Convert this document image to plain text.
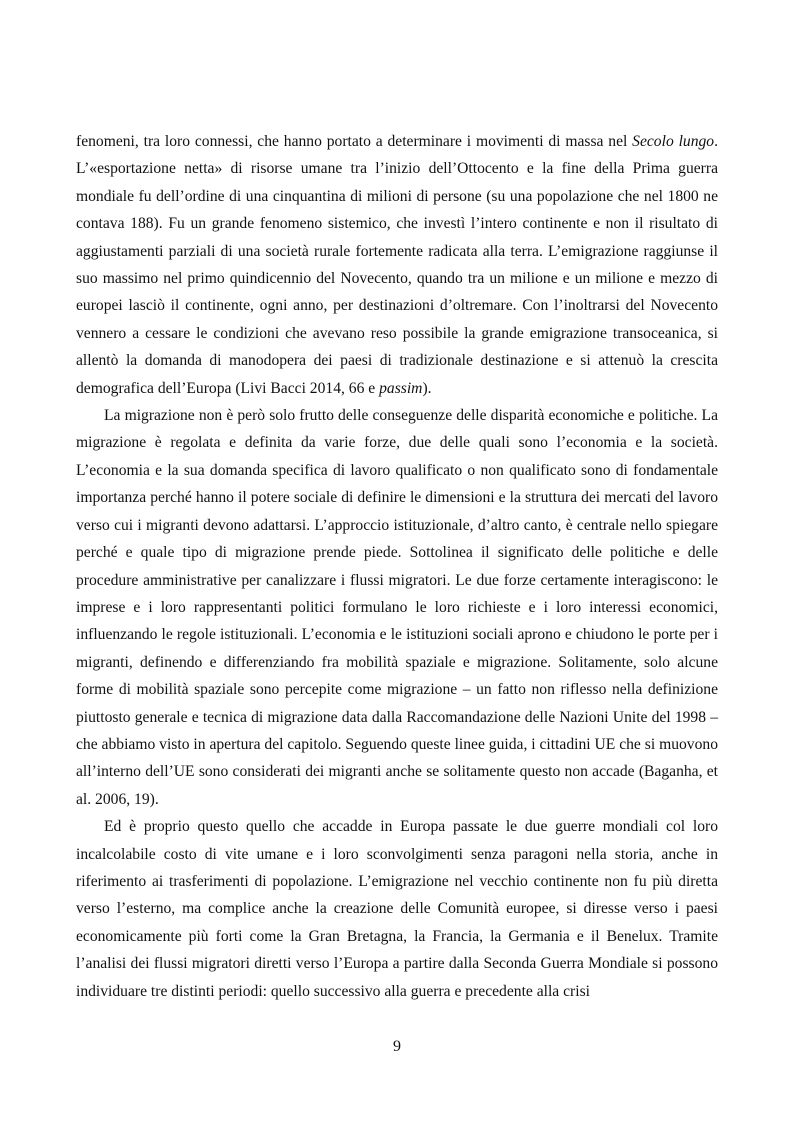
fenomeni, tra loro connessi, che hanno portato a determinare i movimenti di massa nel Secolo lungo. L’«esportazione netta» di risorse umane tra l’inizio dell’Ottocento e la fine della Prima guerra mondiale fu dell’ordine di una cinquantina di milioni di persone (su una popolazione che nel 1800 ne contava 188). Fu un grande fenomeno sistemico, che investì l’intero continente e non il risultato di aggiustamenti parziali di una società rurale fortemente radicata alla terra. L’emigrazione raggiunse il suo massimo nel primo quindicennio del Novecento, quando tra un milione e un milione e mezzo di europei lasciò il continente, ogni anno, per destinazioni d’oltremare. Con l’inoltrarsi del Novecento vennero a cessare le condizioni che avevano reso possibile la grande emigrazione transoceanica, si allentò la domanda di manodopera dei paesi di tradizionale destinazione e si attenuò la crescita demografica dell’Europa (Livi Bacci 2014, 66 e passim).

La migrazione non è però solo frutto delle conseguenze delle disparità economiche e politiche. La migrazione è regolata e definita da varie forze, due delle quali sono l’economia e la società. L’economia e la sua domanda specifica di lavoro qualificato o non qualificato sono di fondamentale importanza perché hanno il potere sociale di definire le dimensioni e la struttura dei mercati del lavoro verso cui i migranti devono adattarsi. L’approccio istituzionale, d’altro canto, è centrale nello spiegare perché e quale tipo di migrazione prende piede. Sottolinea il significato delle politiche e delle procedure amministrative per canalizzare i flussi migratori. Le due forze certamente interagiscono: le imprese e i loro rappresentanti politici formulano le loro richieste e i loro interessi economici, influenzando le regole istituzionali. L’economia e le istituzioni sociali aprono e chiudono le porte per i migranti, definendo e differenziando fra mobilità spaziale e migrazione. Solitamente, solo alcune forme di mobilità spaziale sono percepite come migrazione – un fatto non riflesso nella definizione piuttosto generale e tecnica di migrazione data dalla Raccomandazione delle Nazioni Unite del 1998 – che abbiamo visto in apertura del capitolo. Seguendo queste linee guida, i cittadini UE che si muovono all’interno dell’UE sono considerati dei migranti anche se solitamente questo non accade (Baganha, et al. 2006, 19).

Ed è proprio questo quello che accadde in Europa passate le due guerre mondiali col loro incalcolabile costo di vite umane e i loro sconvolgimenti senza paragoni nella storia, anche in riferimento ai trasferimenti di popolazione. L’emigrazione nel vecchio continente non fu più diretta verso l’esterno, ma complice anche la creazione delle Comunità europee, si diresse verso i paesi economicamente più forti come la Gran Bretagna, la Francia, la Germania e il Benelux. Tramite l’analisi dei flussi migratori diretti verso l’Europa a partire dalla Seconda Guerra Mondiale si possono individuare tre distinti periodi: quello successivo alla guerra e precedente alla crisi

9
